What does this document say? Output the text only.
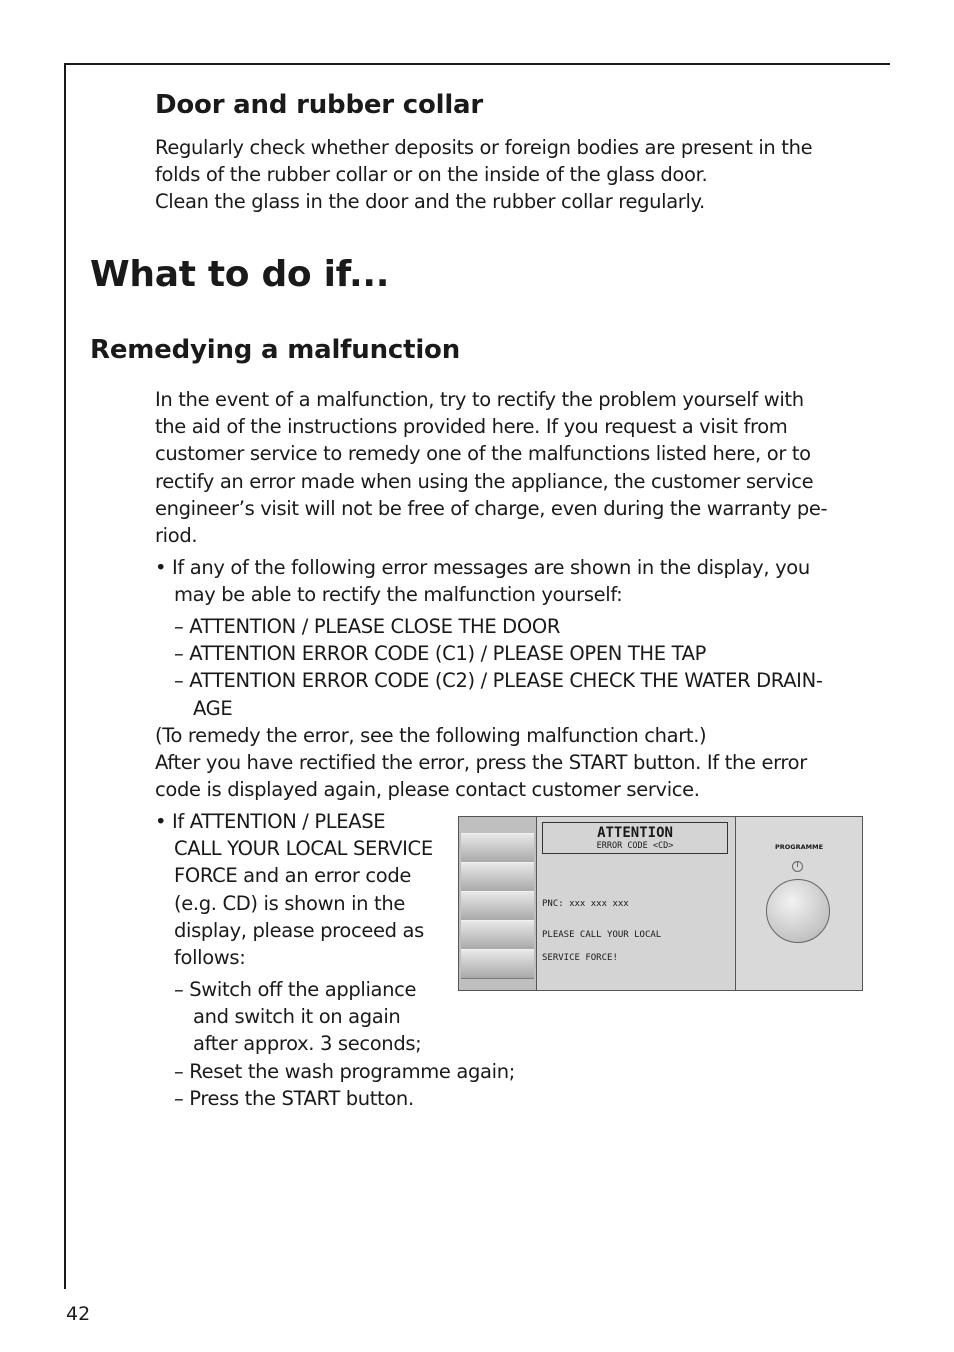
Door and rubber collar
Regularly check whether deposits or foreign bodies are present in the
folds of the rubber collar or on the inside of the glass door.
Clean the glass in the door and the rubber collar regularly.
What to do if...
Remedying a malfunction
In the event of a malfunction, try to rectify the problem yourself with
the aid of the instructions provided here. If you request a visit from
customer service to remedy one of the malfunctions listed here, or to
rectify an error made when using the appliance, the customer service
engineer’s visit will not be free of charge, even during the warranty pe-
riod.
• If any of the following error messages are shown in the display, you
may be able to rectify the malfunction yourself:
– ATTENTION / PLEASE CLOSE THE DOOR
– ATTENTION ERROR CODE (C1) / PLEASE OPEN THE TAP
– ATTENTION ERROR CODE (C2) / PLEASE CHECK THE WATER DRAIN-
AGE
(To remedy the error, see the following malfunction chart.)
After you have rectified the error, press the START button. If the error
code is displayed again, please contact customer service.
• If ATTENTION / PLEASE
CALL YOUR LOCAL SERVICE
FORCE and an error code
(e.g. CD) is shown in the
display, please proceed as
follows:
– Switch off the appliance
and switch it on again
after approx. 3 seconds;
– Reset the wash programme again;
– Press the START button.
ATTENTION
ERROR CODE <CD>
PNC: xxx xxx xxx
PLEASE CALL YOUR LOCAL
SERVICE FORCE!
PROGRAMME
42
